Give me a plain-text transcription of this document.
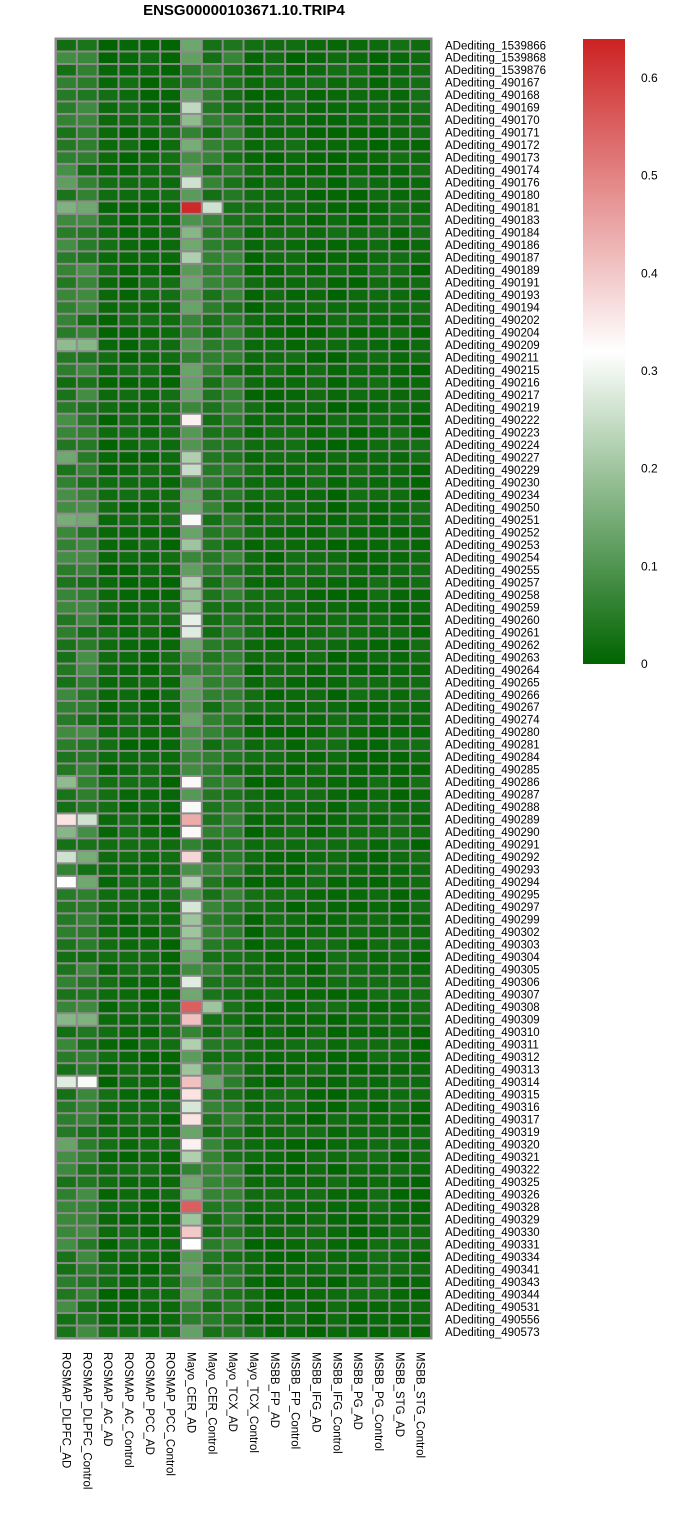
ENSG00000103671.10.TRIP4
ADediting_1539866
ADediting_1539868
ADediting_1539876
ADediting_490167
ADediting_490168
ADediting_490169
ADediting_490170
ADediting_490171
ADediting_490172
ADediting_490173
ADediting_490174
ADediting_490176
ADediting_490180
ADediting_490181
ADediting_490183
ADediting_490184
ADediting_490186
ADediting_490187
ADediting_490189
ADediting_490191
ADediting_490193
ADediting_490194
ADediting_490202
ADediting_490204
ADediting_490209
ADediting_490211
ADediting_490215
ADediting_490216
ADediting_490217
ADediting_490219
ADediting_490222
ADediting_490223
ADediting_490224
ADediting_490227
ADediting_490229
ADediting_490230
ADediting_490234
ADediting_490250
ADediting_490251
ADediting_490252
ADediting_490253
ADediting_490254
ADediting_490255
ADediting_490257
ADediting_490258
ADediting_490259
ADediting_490260
ADediting_490261
ADediting_490262
ADediting_490263
ADediting_490264
ADediting_490265
ADediting_490266
ADediting_490267
ADediting_490274
ADediting_490280
ADediting_490281
ADediting_490284
ADediting_490285
ADediting_490286
ADediting_490287
ADediting_490288
ADediting_490289
ADediting_490290
ADediting_490291
ADediting_490292
ADediting_490293
ADediting_490294
ADediting_490295
ADediting_490297
ADediting_490299
ADediting_490302
ADediting_490303
ADediting_490304
ADediting_490305
ADediting_490306
ADediting_490307
ADediting_490308
ADediting_490309
ADediting_490310
ADediting_490311
ADediting_490312
ADediting_490313
ADediting_490314
ADediting_490315
ADediting_490316
ADediting_490317
ADediting_490319
ADediting_490320
ADediting_490321
ADediting_490322
ADediting_490325
ADediting_490326
ADediting_490328
ADediting_490329
ADediting_490330
ADediting_490331
ADediting_490334
ADediting_490341
ADediting_490343
ADediting_490344
ADediting_490531
ADediting_490556
ADediting_490573
ROSMAP_DLPFC_AD ROSMAP_DLPFC_Control ROSMAP_AC_AD ROSMAP_AC_Control ROSMAP_PCC_AD ROSMAP_PCC_Control Mayo_CER_AD Mayo_CER_Control Mayo_TCX_AD Mayo_TCX_Control MSBB_FP_AD MSBB_FP_Control MSBB_IFG_AD MSBB_IFG_Control MSBB_PG_AD MSBB_PG_Control MSBB_STG_AD MSBB_STG_Control
0
0.1
0.2
0.3
0.4
0.5
0.6
